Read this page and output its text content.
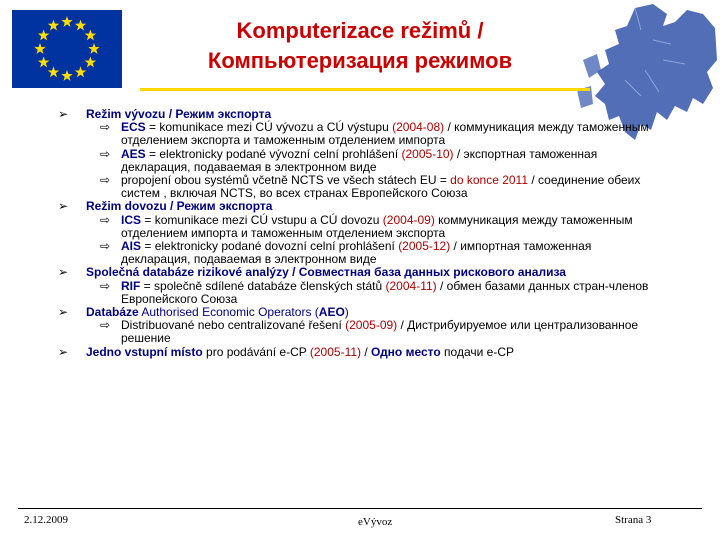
Komputerizace režimů /
Компьютеризация режимов
➢ Režim vývozu / Режим экспорта
⇨ ECS = komunikace mezi CÚ vývozu a CÚ výstupu (2004-08) / коммуникация между таможенным отделением экспорта и таможенным отделением импорта
⇨ AES = elektronicky podané vývozní celní prohlášení (2005-10) / экспортная таможенная декларация, подаваемая в электронном виде
⇨ propojení obou systémů včetně NCTS ve všech státech EU = do konce 2011 / соединение обеих систем , включая NCTS, во всех странах Европейского Союза
➢ Režim dovozu / Режим экспорта
⇨ ICS = komunikace mezi CÚ vstupu a CÚ dovozu (2004-09) коммуникация между таможенным отделением импорта и таможенным отделением экспорта
⇨ AIS = elektronicky podané dovozní celní prohlášení (2005-12) / импортная таможенная декларация, подаваемая в электронном виде
➢ Společná databáze rizikové analýzy / Совместная база данных рискового анализа
⇨ RIF = společně sdílené databáze členských států (2004-11) / обмен базами данных стран-членов Европейского Союза
➢ Databáze Authorised Economic Operators (AEO)
⇨ Distribuované nebo centralizované řešení (2005-09) / Дистрибуируемое или централизованное решение
➢ Jedno vstupní místo pro podávání e-CP (2005-11) / Одно место подачи e-CP
2.12.2009	eVývoz	Strana 3
